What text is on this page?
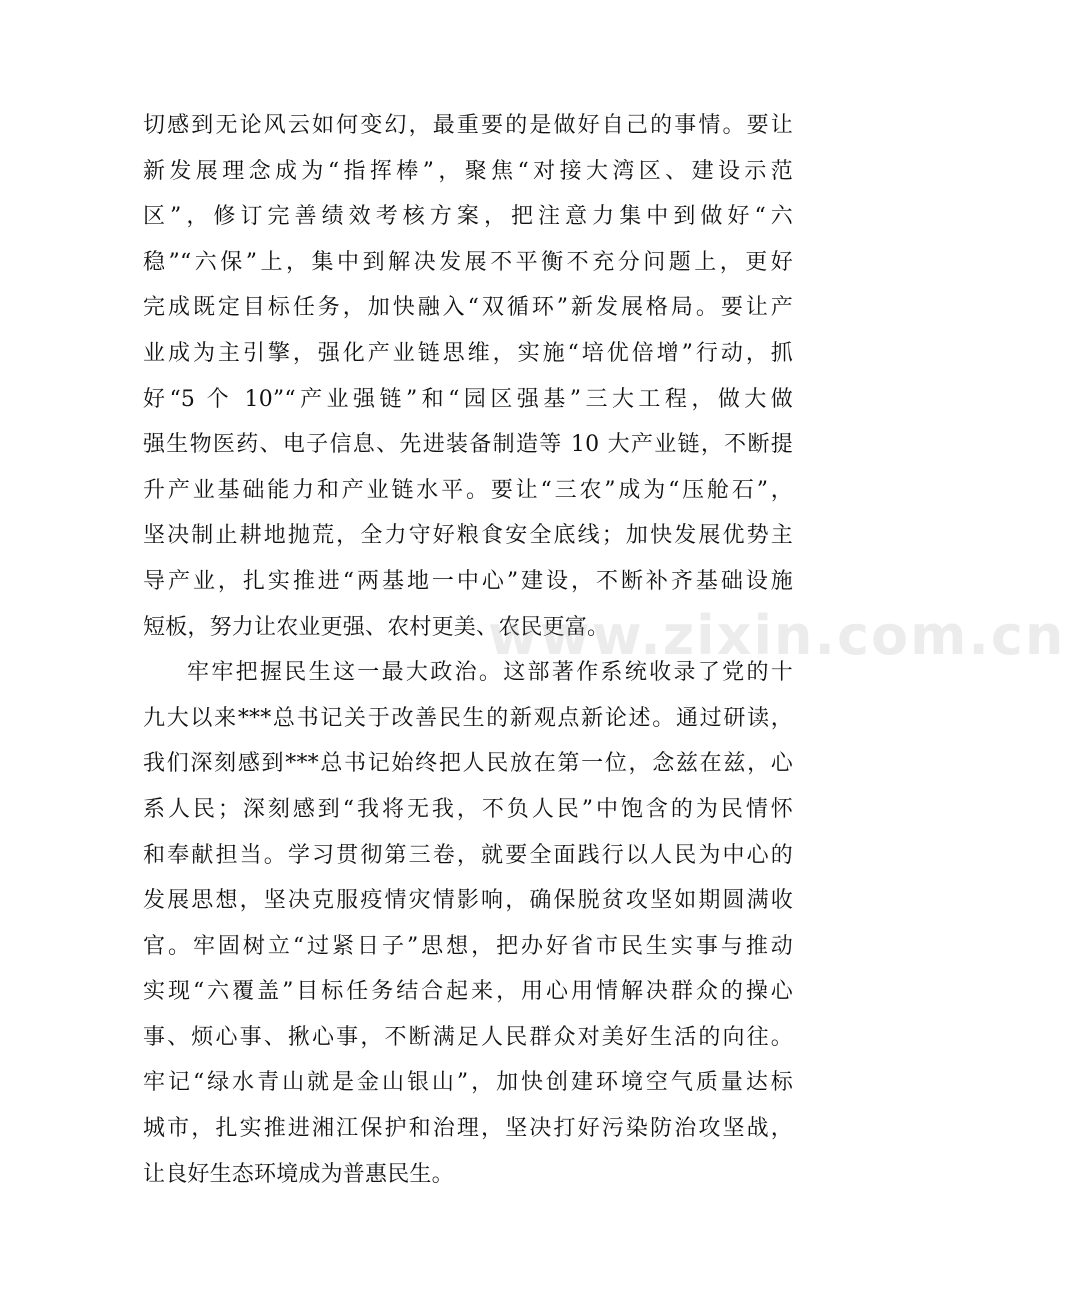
切感到无论风云如何变幻，最重要的是做好自己的事情。要让
新发展理念成为“指挥棒”，聚焦“对接大湾区、建设示范
区”，修订完善绩效考核方案，把注意力集中到做好“六
稳”“六保”上，集中到解决发展不平衡不充分问题上，更好
完成既定目标任务，加快融入“双循环”新发展格局。要让产
业成为主引擎，强化产业链思维，实施“培优倍增”行动，抓
好“5 个 10”“产业强链”和“园区强基”三大工程，做大做
强生物医药、电子信息、先进装备制造等 10 大产业链，不断提
升产业基础能力和产业链水平。要让“三农”成为“压舱石”，
坚决制止耕地抛荒，全力守好粮食安全底线；加快发展优势主
导产业，扎实推进“两基地一中心”建设，不断补齐基础设施
短板，努力让农业更强、农村更美、农民更富。
牢牢把握民生这一最大政治。这部著作系统收录了党的十
九大以来***总书记关于改善民生的新观点新论述。通过研读，
我们深刻感到***总书记始终把人民放在第一位，念兹在兹，心
系人民；深刻感到“我将无我，不负人民”中饱含的为民情怀
和奉献担当。学习贯彻第三卷，就要全面践行以人民为中心的
发展思想，坚决克服疫情灾情影响，确保脱贫攻坚如期圆满收
官。牢固树立“过紧日子”思想，把办好省市民生实事与推动
实现“六覆盖”目标任务结合起来，用心用情解决群众的操心
事、烦心事、揪心事，不断满足人民群众对美好生活的向往。
牢记“绿水青山就是金山银山”，加快创建环境空气质量达标
城市，扎实推进湘江保护和治理，坚决打好污染防治攻坚战，
让良好生态环境成为普惠民生。
www.zixin.com.cn
